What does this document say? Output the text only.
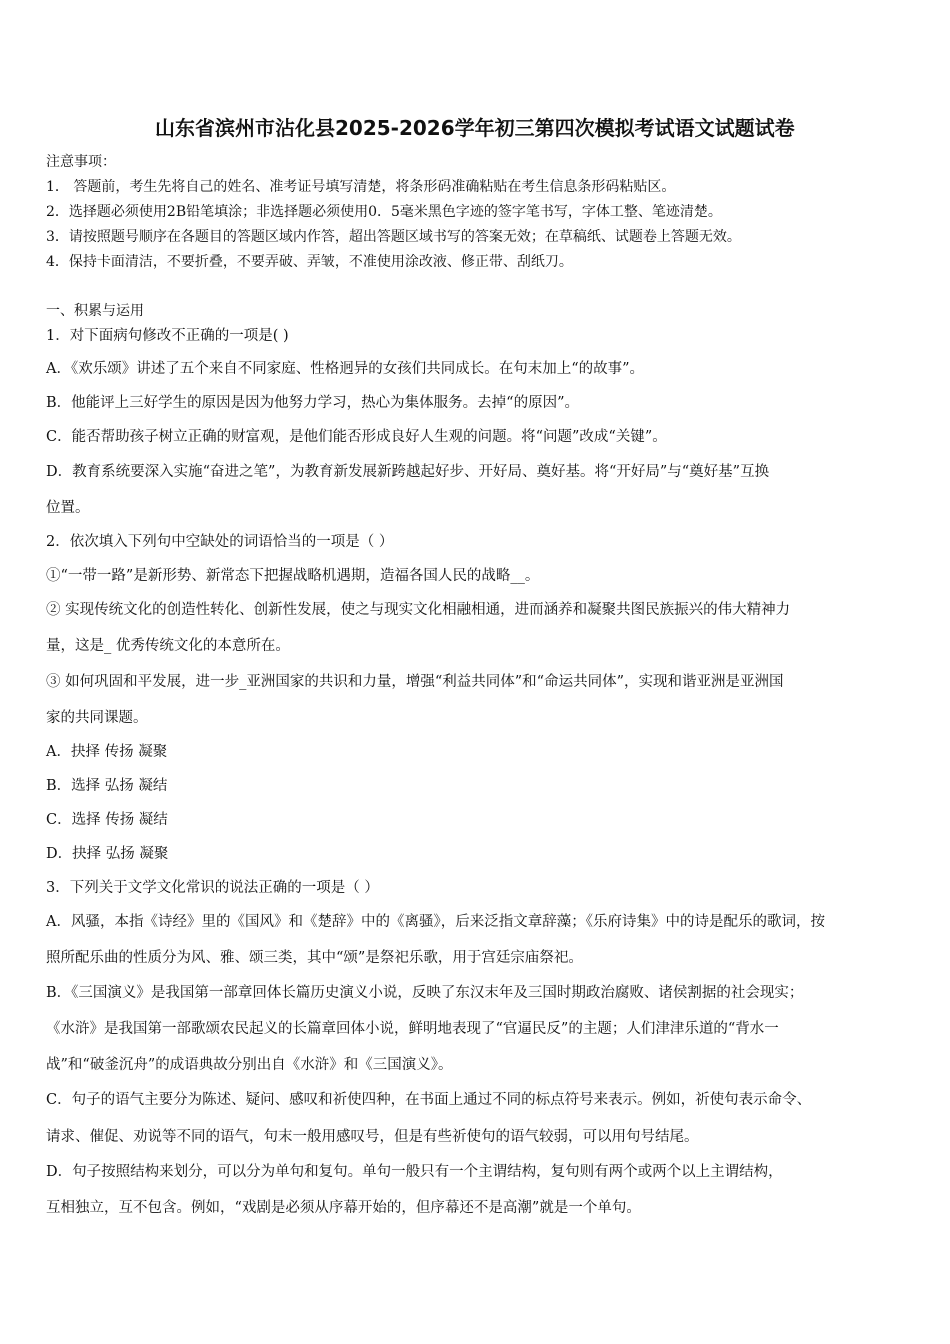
山东省滨州市沾化县2025-2026学年初三第四次模拟考试语文试题试卷
注意事项：
1． 答题前，考生先将自己的姓名、准考证号填写清楚，将条形码准确粘贴在考生信息条形码粘贴区。
2．选择题必须使用2B铅笔填涂；非选择题必须使用0．5毫米黑色字迹的签字笔书写，字体工整、笔迹清楚。
3．请按照题号顺序在各题目的答题区域内作答，超出答题区域书写的答案无效；在草稿纸、试题卷上答题无效。
4．保持卡面清洁，不要折叠，不要弄破、弄皱，不准使用涂改液、修正带、刮纸刀。
一、积累与运用
1．对下面病句修改不正确的一项是( )
A．《欢乐颂》讲述了五个来自不同家庭、性格迥异的女孩们共同成长。在句末加上“的故事”。
B．他能评上三好学生的原因是因为他努力学习，热心为集体服务。去掉“的原因”。
C．能否帮助孩子树立正确的财富观，是他们能否形成良好人生观的问题。将“问题”改成“关键”。
D．教育系统要深入实施“奋进之笔”，为教育新发展新跨越起好步、开好局、奠好基。将“开好局”与“奠好基”互换
位置。
2．依次填入下列句中空缺处的词语恰当的一项是（ ）
①“一带一路”是新形势、新常态下把握战略机遇期，造福各国人民的战略__。
② 实现传统文化的创造性转化、创新性发展，使之与现实文化相融相通，进而涵养和凝聚共图民族振兴的伟大精神力
量，这是_ 优秀传统文化的本意所在。
③ 如何巩固和平发展，进一步_亚洲国家的共识和力量，增强“利益共同体”和“命运共同体”，实现和谐亚洲是亚洲国
家的共同课题。
A．抉择 传扬 凝聚
B．选择 弘扬 凝结
C．选择 传扬 凝结
D．抉择 弘扬 凝聚
3．下列关于文学文化常识的说法正确的一项是（ ）
A．风骚，本指《诗经》里的《国风》和《楚辞》中的《离骚》，后来泛指文章辞藻；《乐府诗集》中的诗是配乐的歌词，按
照所配乐曲的性质分为风、雅、颂三类，其中“颂”是祭祀乐歌，用于宫廷宗庙祭祀。
B．《三国演义》是我国第一部章回体长篇历史演义小说，反映了东汉末年及三国时期政治腐败、诸侯割据的社会现实；
《水浒》是我国第一部歌颂农民起义的长篇章回体小说，鲜明地表现了“官逼民反”的主题；人们津津乐道的“背水一
战”和“破釜沉舟”的成语典故分别出自《水浒》和《三国演义》。
C．句子的语气主要分为陈述、疑问、感叹和祈使四种，在书面上通过不同的标点符号来表示。例如，祈使句表示命令、
请求、催促、劝说等不同的语气，句末一般用感叹号，但是有些祈使句的语气较弱，可以用句号结尾。
D．句子按照结构来划分，可以分为单句和复句。单句一般只有一个主谓结构，复句则有两个或两个以上主谓结构，
互相独立，互不包含。例如，“戏剧是必须从序幕开始的，但序幕还不是高潮”就是一个单句。
